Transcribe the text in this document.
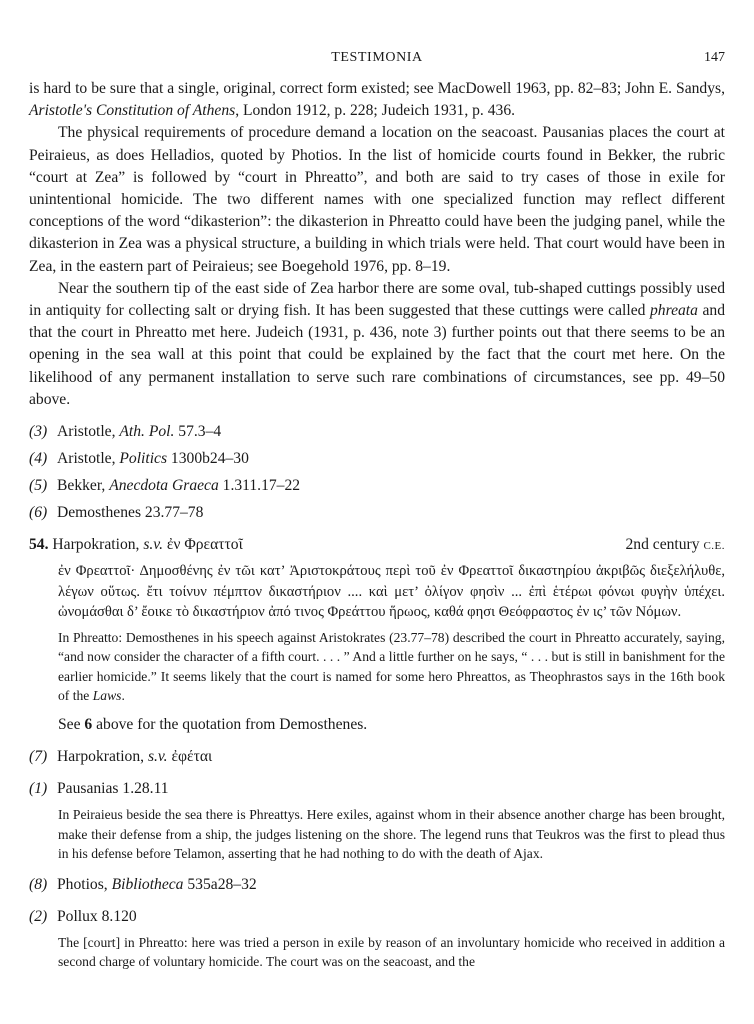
TESTIMONIA	147

is hard to be sure that a single, original, correct form existed; see MacDowell 1963, pp. 82–83; John E. Sandys, Aristotle's Constitution of Athens, London 1912, p. 228; Judeich 1931, p. 436.

The physical requirements of procedure demand a location on the seacoast. Pausanias places the court at Peiraieus, as does Helladios, quoted by Photios. In the list of homicide courts found in Bekker, the rubric “court at Zea” is followed by “court in Phreatto”, and both are said to try cases of those in exile for unintentional homicide. The two different names with one specialized function may reflect different conceptions of the word “dikasterion”: the dikasterion in Phreatto could have been the judging panel, while the dikasterion in Zea was a physical structure, a building in which trials were held. That court would have been in Zea, in the eastern part of Peiraieus; see Boegehold 1976, pp. 8–19.

Near the southern tip of the east side of Zea harbor there are some oval, tub-shaped cuttings possibly used in antiquity for collecting salt or drying fish. It has been suggested that these cuttings were called phreata and that the court in Phreatto met here. Judeich (1931, p. 436, note 3) further points out that there seems to be an opening in the sea wall at this point that could be explained by the fact that the court met here. On the likelihood of any permanent installation to serve such rare combinations of circumstances, see pp. 49–50 above.

(3) Aristotle, Ath. Pol. 57.3–4
(4) Aristotle, Politics 1300b24–30
(5) Bekker, Anecdota Graeca 1.311.17–22
(6) Demosthenes 23.77–78
54. Harpokration, s.v. ἐν Φρεαττοῖ	2nd century C.E.

ἐν Φρεαττοῖ· Δημοσθένης ἐν τῶι κατ’ Ἀριστοκράτους περὶ τοῦ ἐν Φρεαττοῖ δικαστηρίου ἀκριβῶς διεξελήλυθε, λέγων οὕτως. ἔτι τοίνυν πέμπτον δικαστήριον .... καὶ μετ’ ὀλίγον φησὶν ... ἐπὶ ἑτέρωι φόνωι φυγὴν ὑπέχει. ὠνομάσθαι δ’ ἔοικε τὸ δικαστήριον ἀπό τινος Φρεάττου ἥρωος, καθά φησι Θεόφραστος ἐν ις’ τῶν Νόμων.

In Phreatto: Demosthenes in his speech against Aristokrates (23.77–78) described the court in Phreatto accurately, saying, “and now consider the character of a fifth court. . . . ” And a little further on he says, “ . . . but is still in banishment for the earlier homicide.” It seems likely that the court is named for some hero Phreattos, as Theophrastos says in the 16th book of the Laws.

See 6 above for the quotation from Demosthenes.
(7) Harpokration, s.v. ἐφέται
(1) Pausanias 1.28.11

In Peiraieus beside the sea there is Phreattys. Here exiles, against whom in their absence another charge has been brought, make their defense from a ship, the judges listening on the shore. The legend runs that Teukros was the first to plead thus in his defense before Telamon, asserting that he had nothing to do with the death of Ajax.

(8) Photios, Bibliotheca 535a28–32
(2) Pollux 8.120

The [court] in Phreatto: here was tried a person in exile by reason of an involuntary homicide who received in addition a second charge of voluntary homicide. The court was on the seacoast, and the
